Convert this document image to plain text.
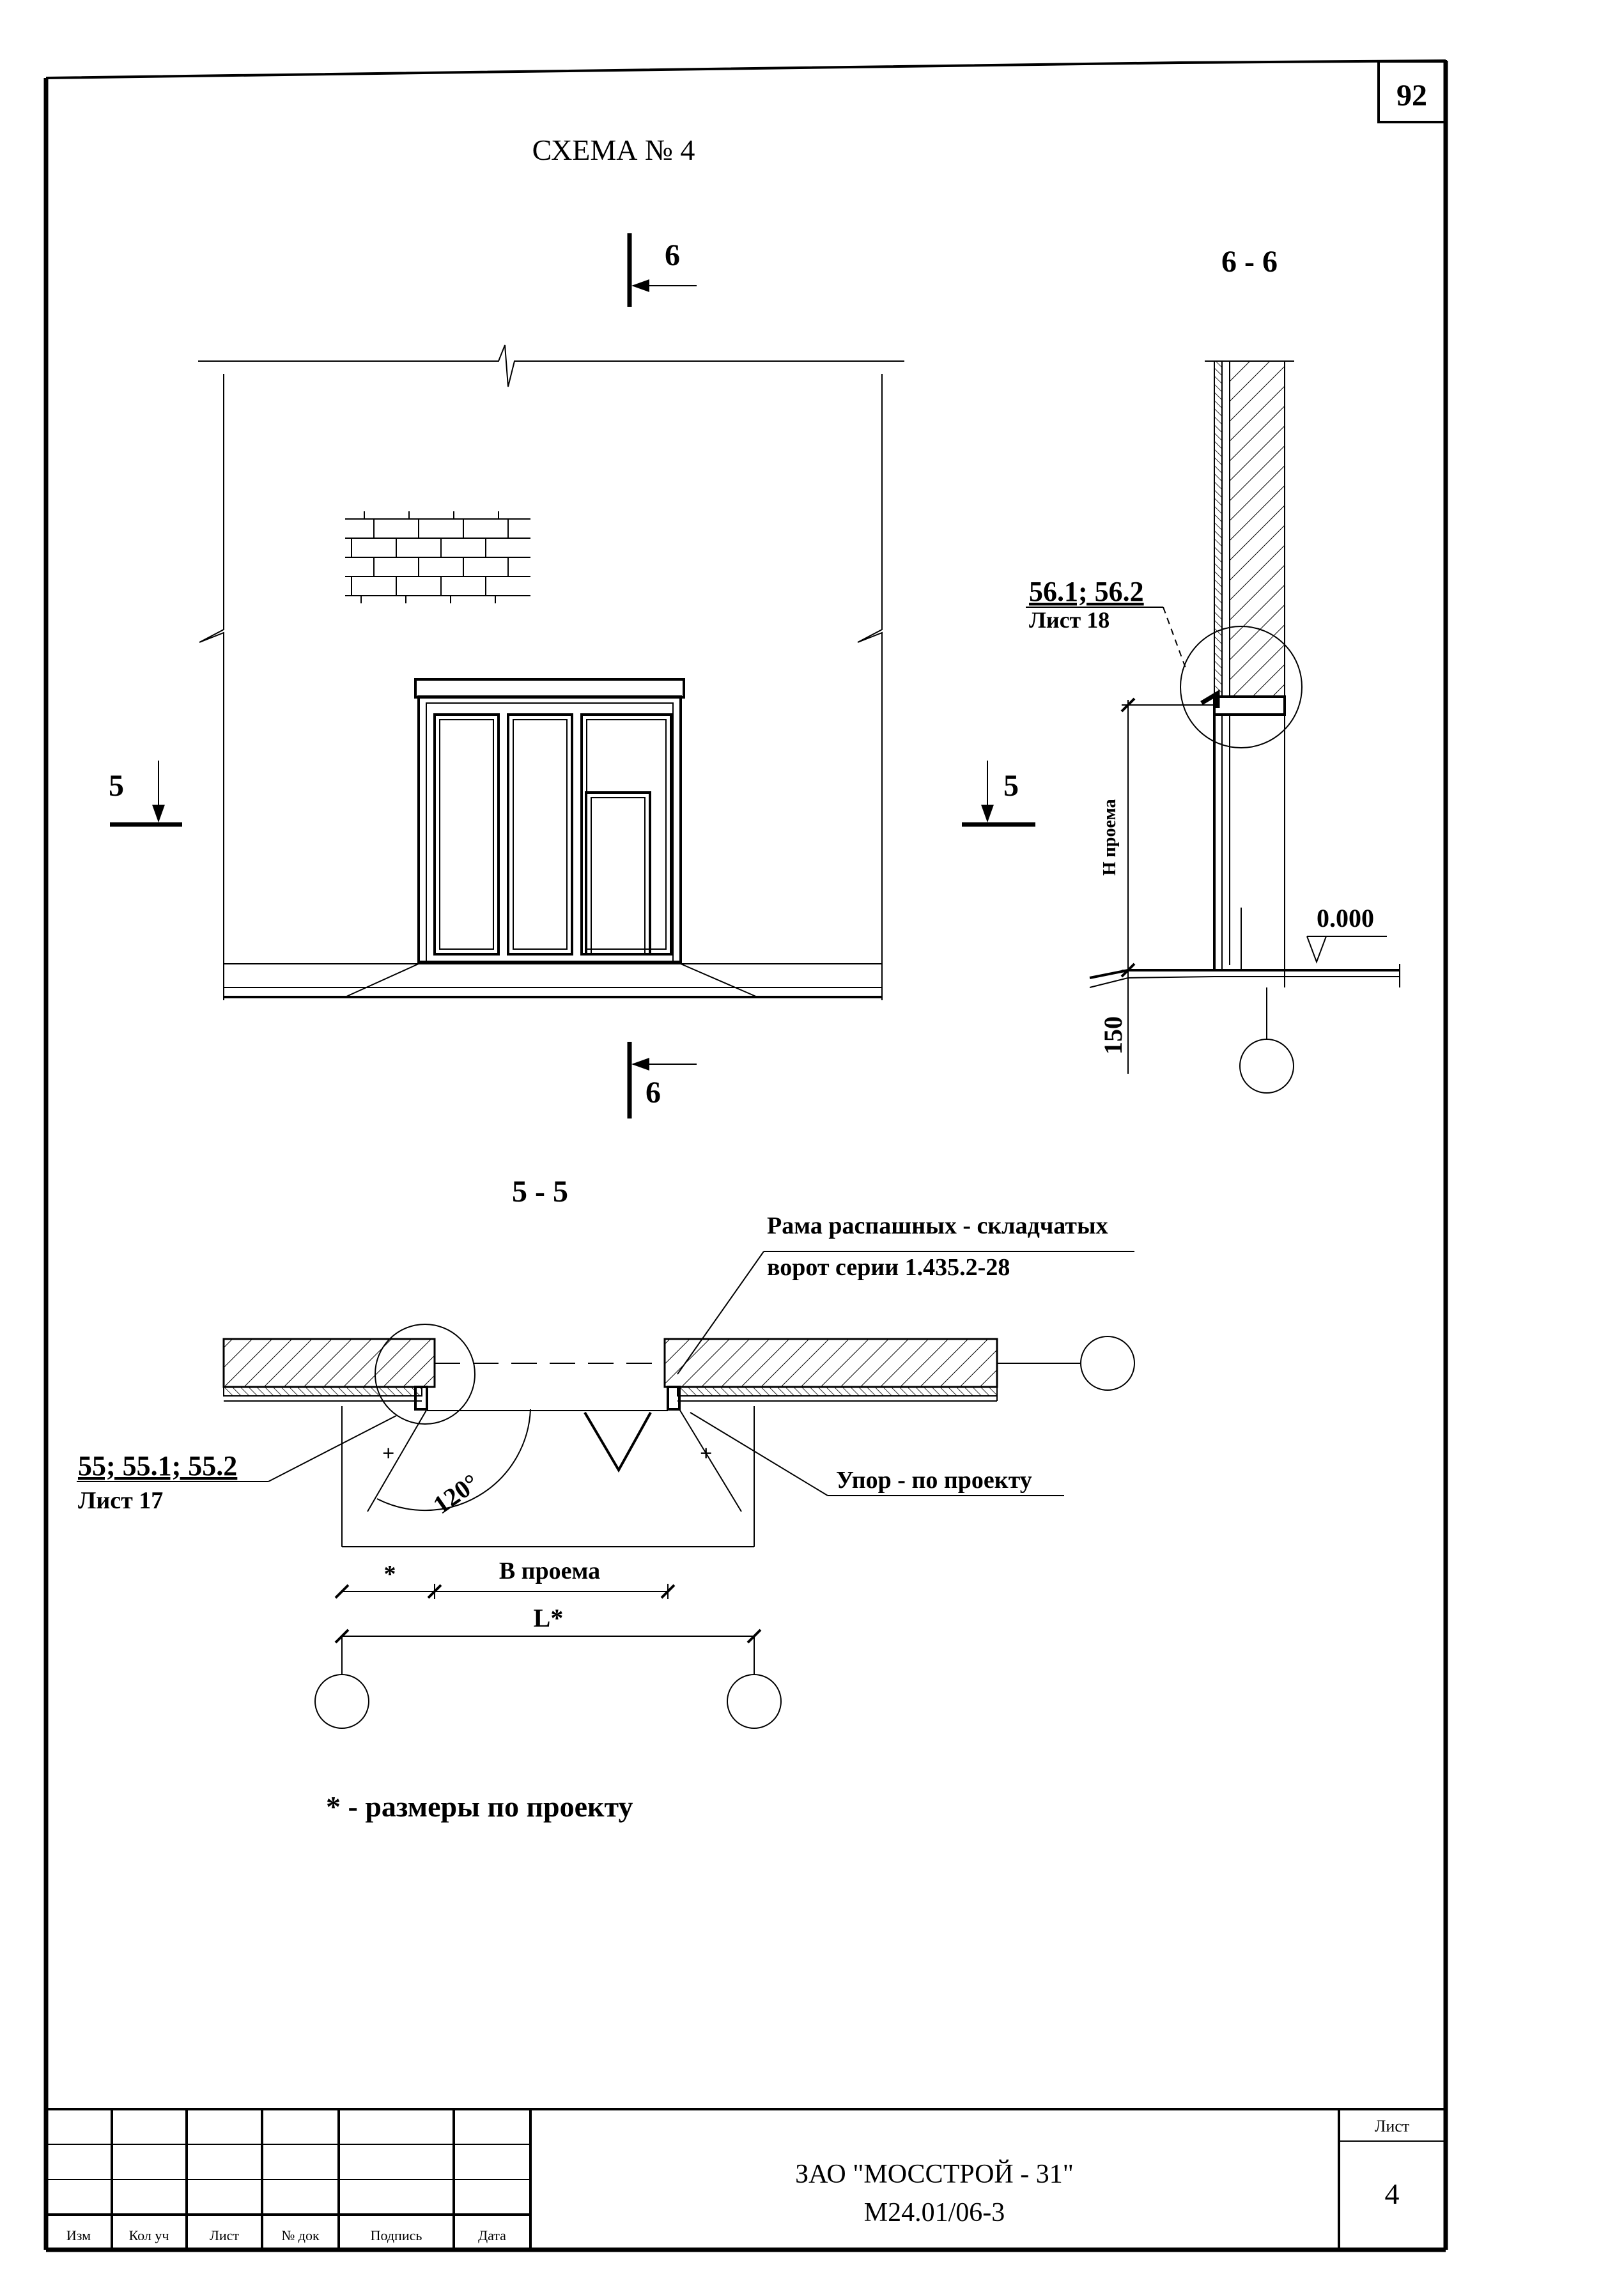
92
СХЕМА № 4
6
6
5	5
6 - 6
56.1; 56.2
Лист 18
Н проема
0.000
150
5 - 5
Рама распашных - складчатых
ворот серии 1.435.2-28
55; 55.1; 55.2
Лист 17
Упор - по проекту
120°
+	+
*	В проема
L*
* - размеры по проекту
Изм	Кол уч	Лист	№ док	Подпись	Дата
ЗАО "МОССТРОЙ - 31"
М24.01/06-3
Лист
4
